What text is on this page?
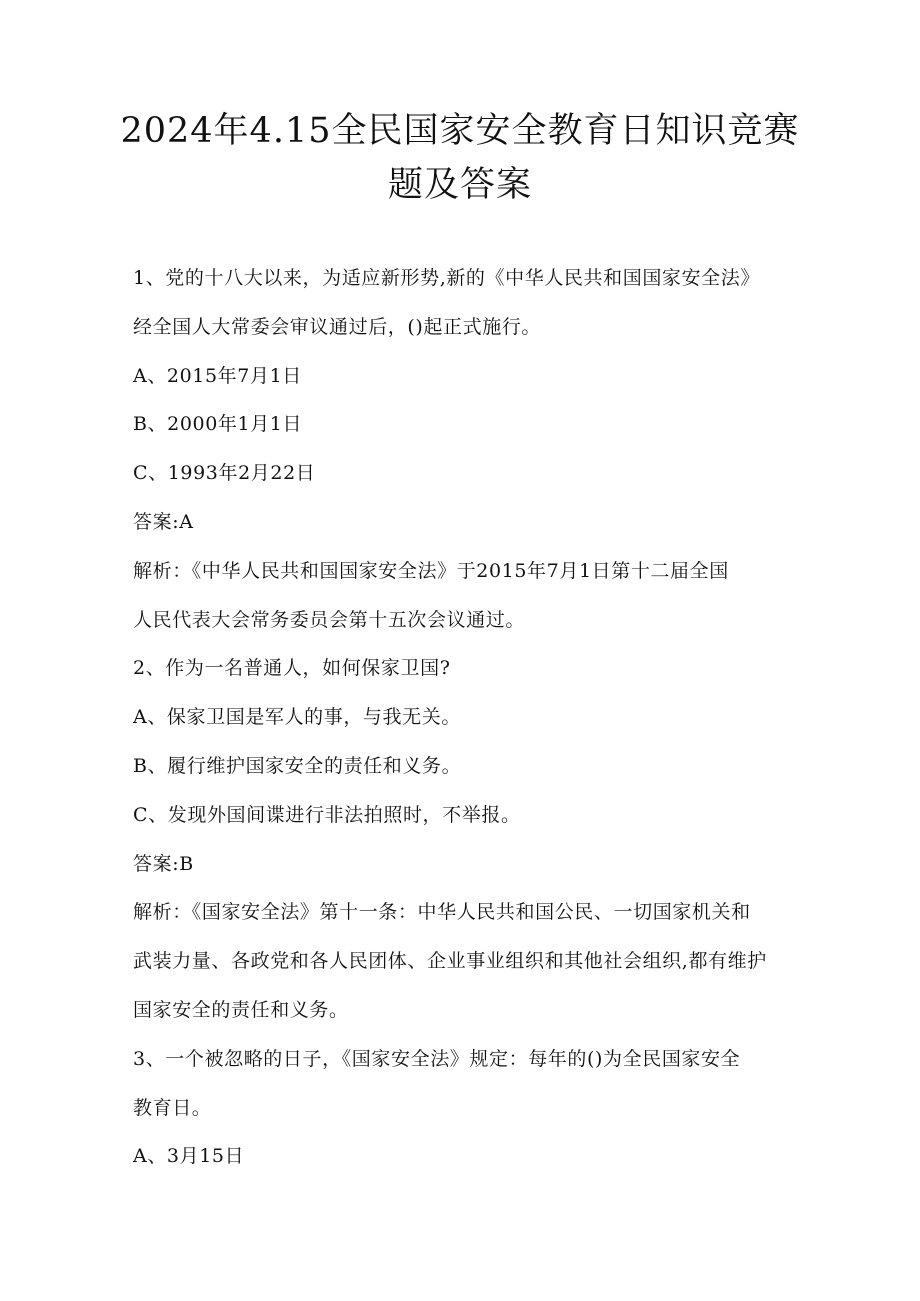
2024年4.15全民国家安全教育日知识竞赛
题及答案
1、党的十八大以来，为适应新形势,新的《中华人民共和国国家安全法》
经全国人大常委会审议通过后，()起正式施行。
A、2015年7月1日
B、2000年1月1日
C、1993年2月22日
答案:A
解析：《中华人民共和国国家安全法》于2015年7月1日第十二届全国
人民代表大会常务委员会第十五次会议通过。
2、作为一名普通人，如何保家卫国?
A、保家卫国是军人的事，与我无关。
B、履行维护国家安全的责任和义务。
C、发现外国间谍进行非法拍照时，不举报。
答案:B
解析：《国家安全法》第十一条：中华人民共和国公民、一切国家机关和
武装力量、各政党和各人民团体、企业事业组织和其他社会组织,都有维护
国家安全的责任和义务。
3、一个被忽略的日子，《国家安全法》规定：每年的()为全民国家安全
教育日。
A、3月15日
